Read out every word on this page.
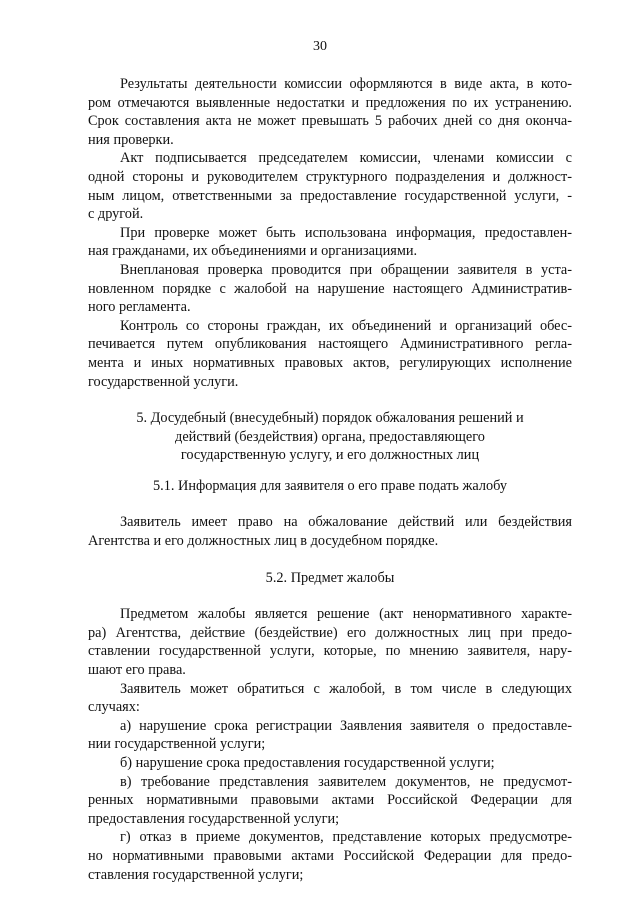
30
Результаты деятельности комиссии оформляются в виде акта, в кото-
ром отмечаются выявленные недостатки и предложения по их устранению.
Срок составления акта не может превышать 5 рабочих дней со дня оконча-
ния проверки.
Акт подписывается председателем комиссии, членами комиссии с
одной стороны и руководителем структурного подразделения и должност-
ным лицом, ответственными за предоставление государственной услуги, -
с другой.
При проверке может быть использована информация, предоставлен-
ная гражданами, их объединениями и организациями.
Внеплановая проверка проводится при обращении заявителя в уста-
новленном порядке с жалобой на нарушение настоящего Административ-
ного регламента.
Контроль со стороны граждан, их объединений и организаций обес-
печивается путем опубликования настоящего Административного регла-
мента и иных нормативных правовых актов, регулирующих исполнение
государственной услуги.
5. Досудебный (внесудебный) порядок обжалования решений и
действий (бездействия) органа, предоставляющего
государственную услугу, и его должностных лиц
5.1. Информация для заявителя о его праве подать жалобу
Заявитель имеет право на обжалование действий или бездействия
Агентства и его должностных лиц в досудебном порядке.
5.2. Предмет жалобы
Предметом жалобы является решение (акт ненормативного характе-
ра) Агентства, действие (бездействие) его должностных лиц при предо-
ставлении государственной услуги, которые, по мнению заявителя, нару-
шают его права.
Заявитель может обратиться с жалобой, в том числе в следующих
случаях:
а) нарушение срока регистрации Заявления заявителя о предоставле-
нии государственной услуги;
б) нарушение срока предоставления государственной услуги;
в) требование представления заявителем документов, не предусмот-
ренных нормативными правовыми актами Российской Федерации для
предоставления государственной услуги;
г) отказ в приеме документов, представление которых предусмотре-
но нормативными правовыми актами Российской Федерации для предо-
ставления государственной услуги;
